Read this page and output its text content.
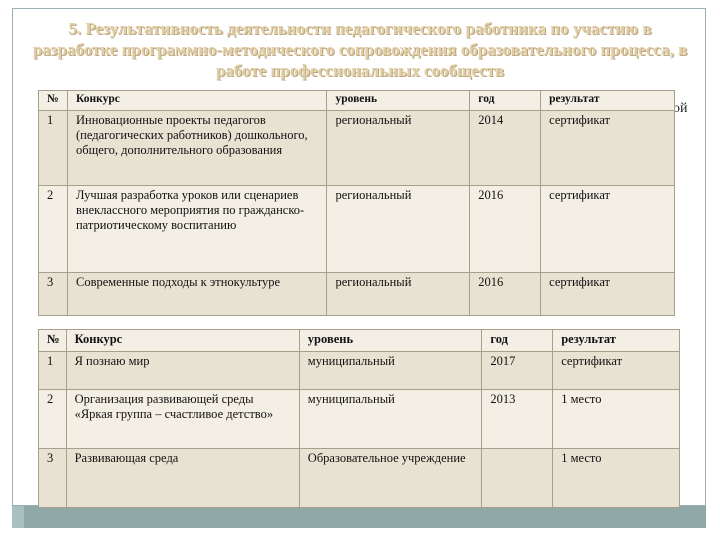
5. Результативность деятельности педагогического работника по участию в разработке программно-методического сопровождения образовательного процесса, в работе профессиональных сообществ
ой
№	Конкурс	уровень	год	результат
1	Инновационные проекты педагогов (педагогических работников) дошкольного, общего, дополнительного образования	региональный	2014	сертификат
2	Лучшая разработка уроков или сценариев внеклассного мероприятия по гражданско-патриотическому воспитанию	региональный	2016	сертификат
3	Современные подходы к этнокультуре	региональный	2016	сертификат
№	Конкурс	уровень	год	результат
1	Я познаю мир	муниципальный	2017	сертификат
2	Организация развивающей среды «Яркая группа – счастливое детство»	муниципальный	2013	1 место
3	Развивающая среда	Образовательное учреждение		1 место
